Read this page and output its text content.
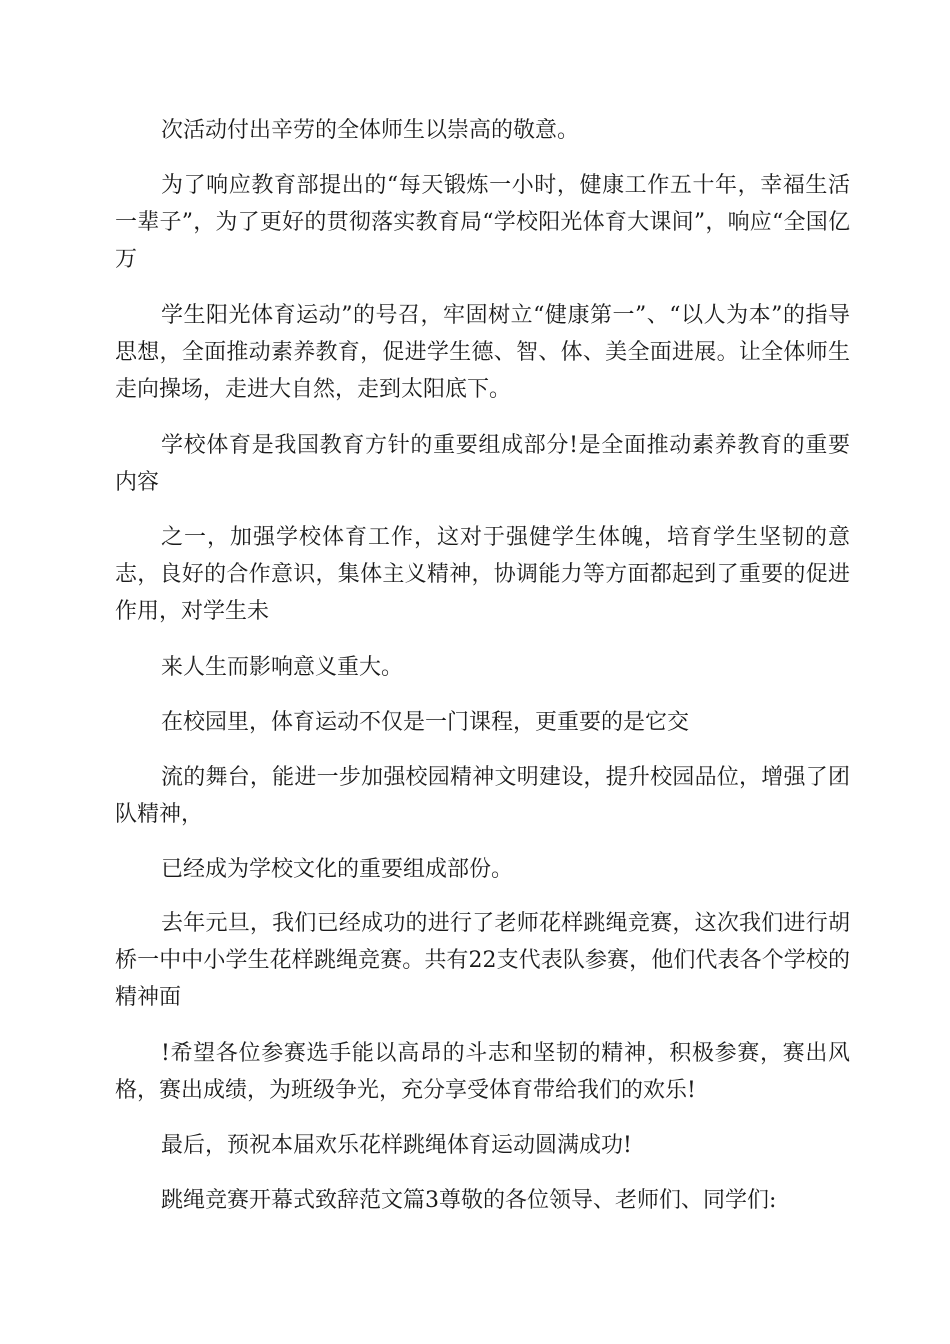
次活动付出辛劳的全体师生以崇高的敬意。

为了响应教育部提出的“每天锻炼一小时，健康工作五十年，幸福生活一辈子”，为了更好的贯彻落实教育局“学校阳光体育大课间”，响应“全国亿万

学生阳光体育运动”的号召，牢固树立“健康第一”、“以人为本”的指导思想，全面推动素养教育，促进学生德、智、体、美全面进展。让全体师生走向操场，走进大自然，走到太阳底下。

学校体育是我国教育方针的重要组成部分!是全面推动素养教育的重要内容

之一，加强学校体育工作，这对于强健学生体魄，培育学生坚韧的意志，良好的合作意识，集体主义精神，协调能力等方面都起到了重要的促进作用，对学生未

来人生而影响意义重大。

在校园里，体育运动不仅是一门课程，更重要的是它交

流的舞台，能进一步加强校园精神文明建设，提升校园品位，增强了团队精神，

已经成为学校文化的重要组成部份。

去年元旦，我们已经成功的进行了老师花样跳绳竞赛，这次我们进行胡桥一中中小学生花样跳绳竞赛。共有22支代表队参赛，他们代表各个学校的精神面

!希望各位参赛选手能以高昂的斗志和坚韧的精神，积极参赛，赛出风格，赛出成绩，为班级争光，充分享受体育带给我们的欢乐!

最后，预祝本届欢乐花样跳绳体育运动圆满成功!

跳绳竞赛开幕式致辞范文篇3尊敬的各位领导、老师们、同学们:
